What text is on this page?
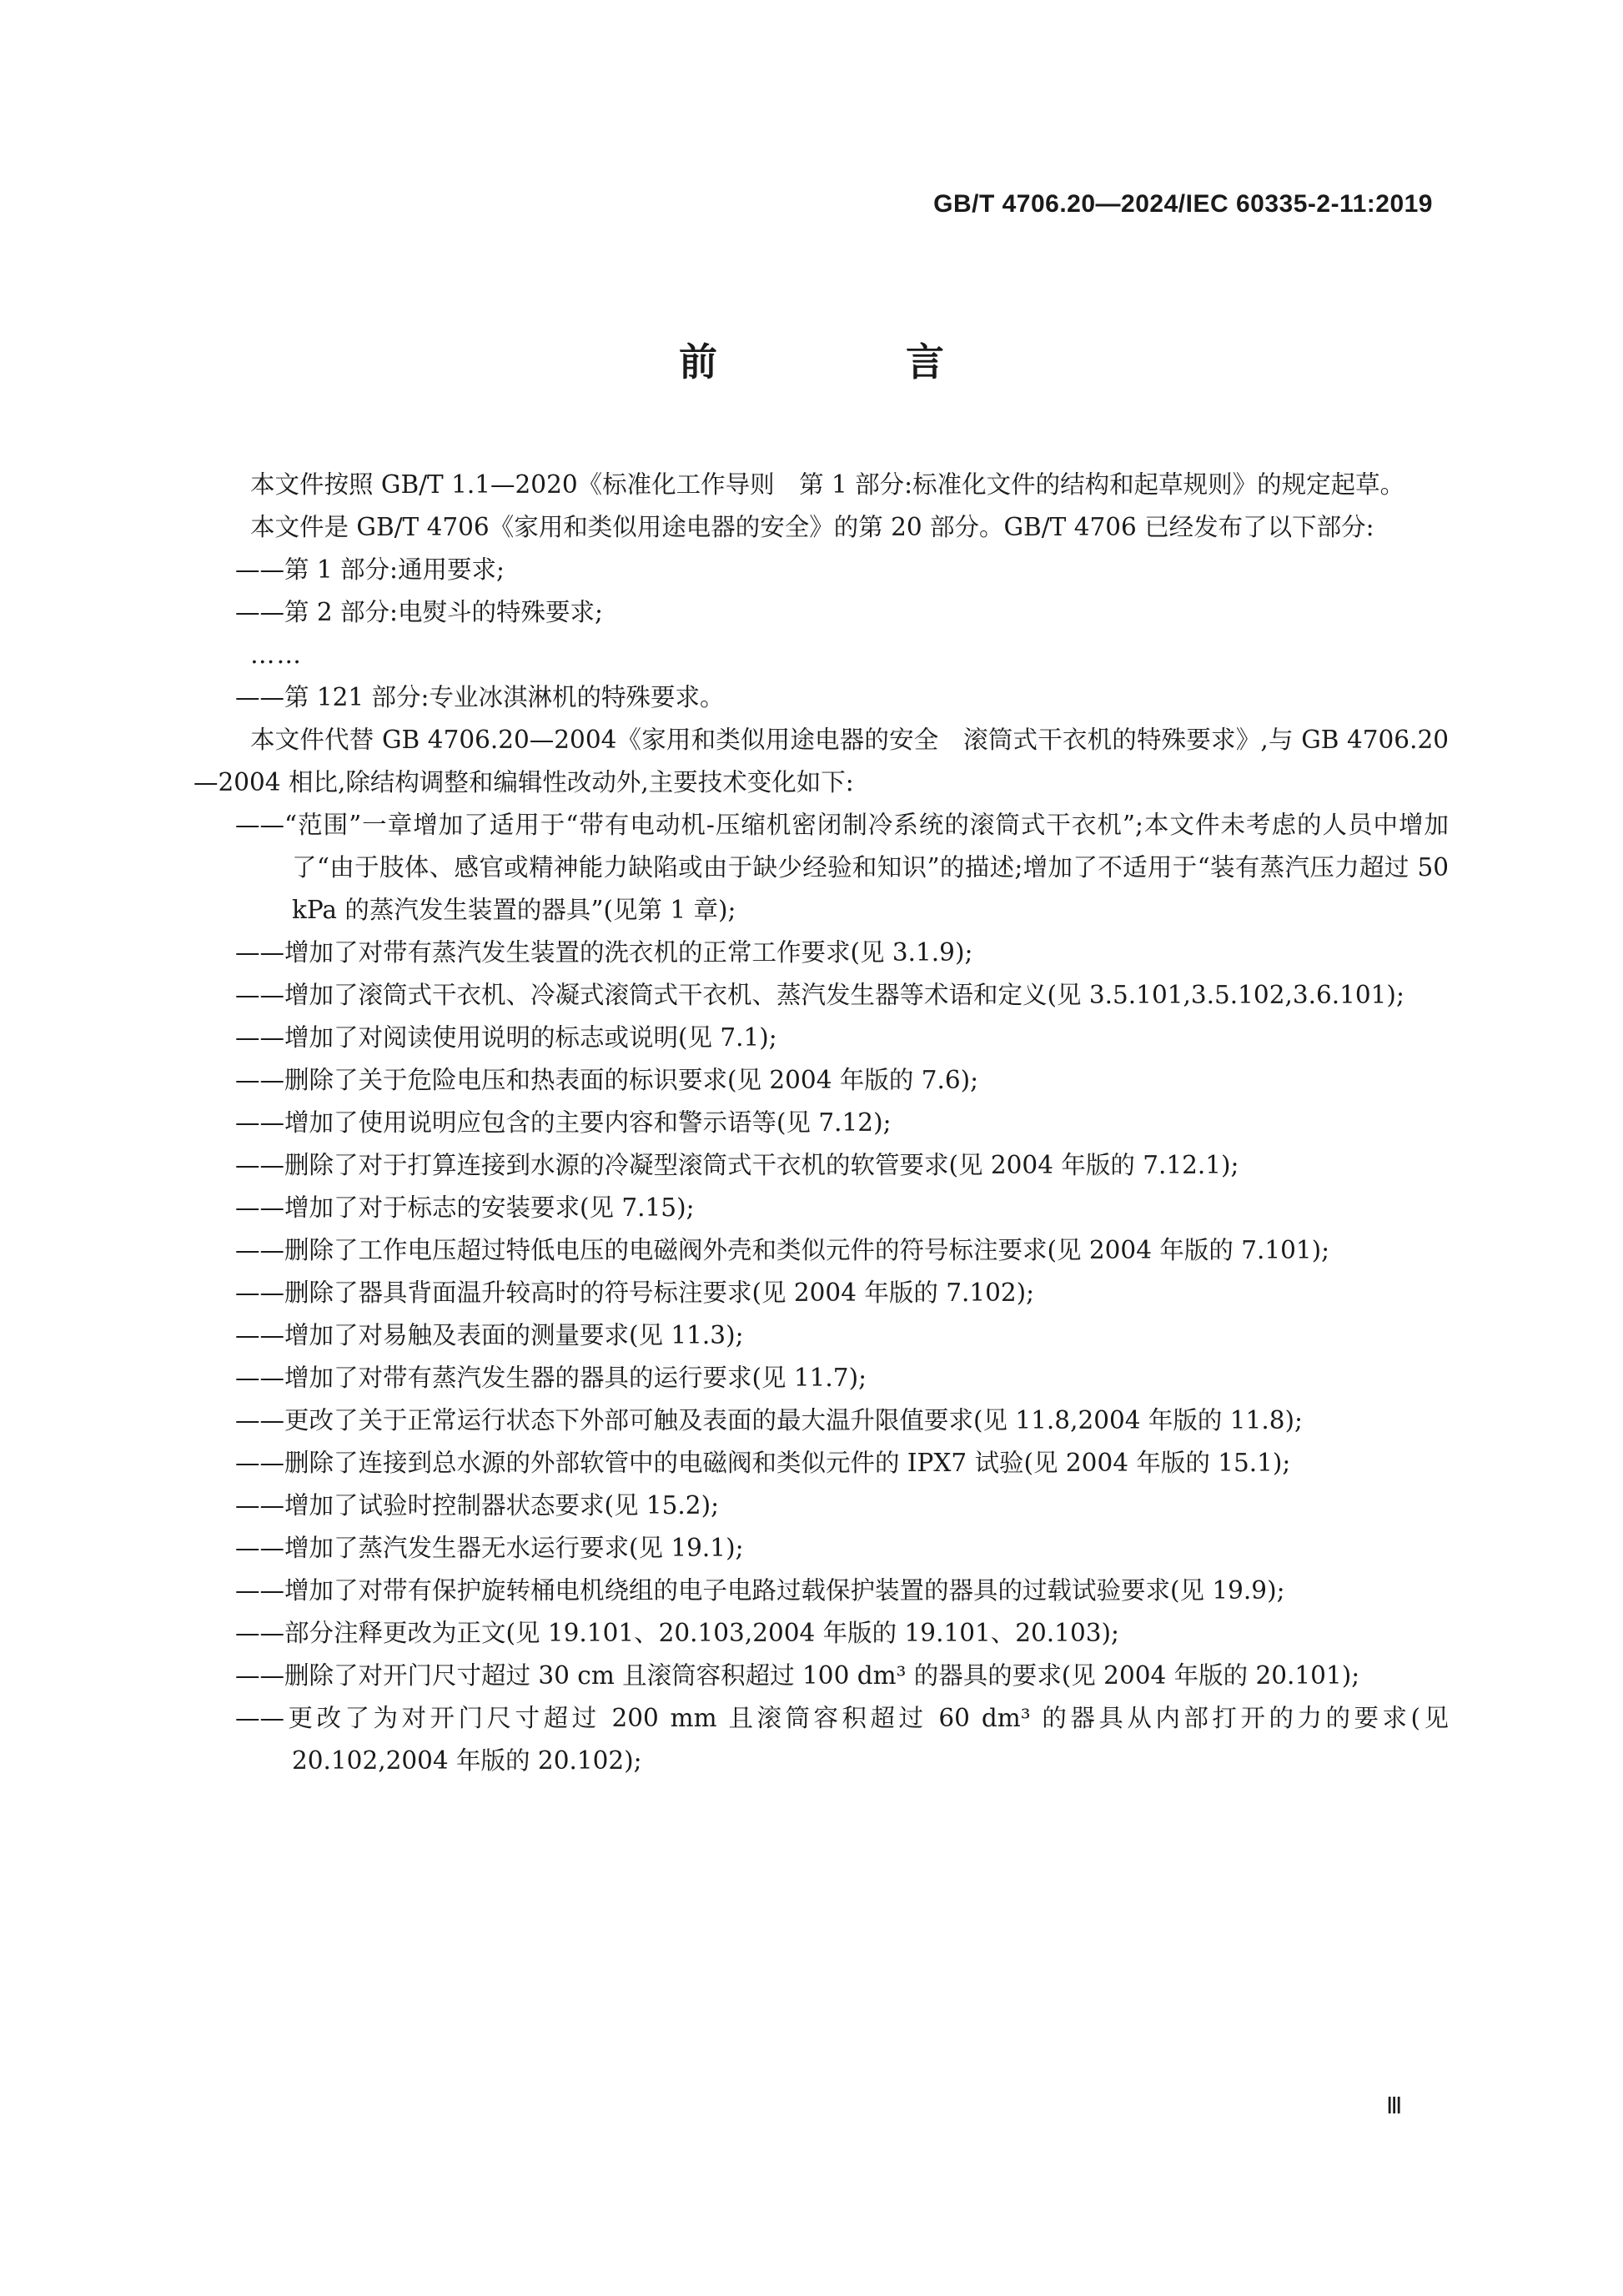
GB/T 4706.20—2024/IEC 60335-2-11:2019
前　言

本文件按照 GB/T 1.1—2020《标准化工作导则　第 1 部分:标准化文件的结构和起草规则》的规定起草。

本文件是 GB/T 4706《家用和类似用途电器的安全》的第 20 部分。GB/T 4706 已经发布了以下部分:

——第 1 部分:通用要求;

——第 2 部分:电熨斗的特殊要求;

……

——第 121 部分:专业冰淇淋机的特殊要求。

本文件代替 GB 4706.20—2004《家用和类似用途电器的安全　滚筒式干衣机的特殊要求》,与 GB 4706.20—2004 相比,除结构调整和编辑性改动外,主要技术变化如下:

——“范围”一章增加了适用于“带有电动机-压缩机密闭制冷系统的滚筒式干衣机”;本文件未考虑的人员中增加了“由于肢体、感官或精神能力缺陷或由于缺少经验和知识”的描述;增加了不适用于“装有蒸汽压力超过 50 kPa 的蒸汽发生装置的器具”(见第 1 章);

——增加了对带有蒸汽发生装置的洗衣机的正常工作要求(见 3.1.9);

——增加了滚筒式干衣机、冷凝式滚筒式干衣机、蒸汽发生器等术语和定义(见 3.5.101,3.5.102,3.6.101);

——增加了对阅读使用说明的标志或说明(见 7.1);

——删除了关于危险电压和热表面的标识要求(见 2004 年版的 7.6);

——增加了使用说明应包含的主要内容和警示语等(见 7.12);

——删除了对于打算连接到水源的冷凝型滚筒式干衣机的软管要求(见 2004 年版的 7.12.1);

——增加了对于标志的安装要求(见 7.15);

——删除了工作电压超过特低电压的电磁阀外壳和类似元件的符号标注要求(见 2004 年版的 7.101);

——删除了器具背面温升较高时的符号标注要求(见 2004 年版的 7.102);

——增加了对易触及表面的测量要求(见 11.3);

——增加了对带有蒸汽发生器的器具的运行要求(见 11.7);

——更改了关于正常运行状态下外部可触及表面的最大温升限值要求(见 11.8,2004 年版的 11.8);

——删除了连接到总水源的外部软管中的电磁阀和类似元件的 IPX7 试验(见 2004 年版的 15.1);

——增加了试验时控制器状态要求(见 15.2);

——增加了蒸汽发生器无水运行要求(见 19.1);

——增加了对带有保护旋转桶电机绕组的电子电路过载保护装置的器具的过载试验要求(见 19.9);

——部分注释更改为正文(见 19.101、20.103,2004 年版的 19.101、20.103);

——删除了对开门尺寸超过 30 cm 且滚筒容积超过 100 dm³ 的器具的要求(见 2004 年版的 20.101);

——更改了为对开门尺寸超过 200 mm 且滚筒容积超过 60 dm³ 的器具从内部打开的力的要求(见 20.102,2004 年版的 20.102);

Ⅲ
